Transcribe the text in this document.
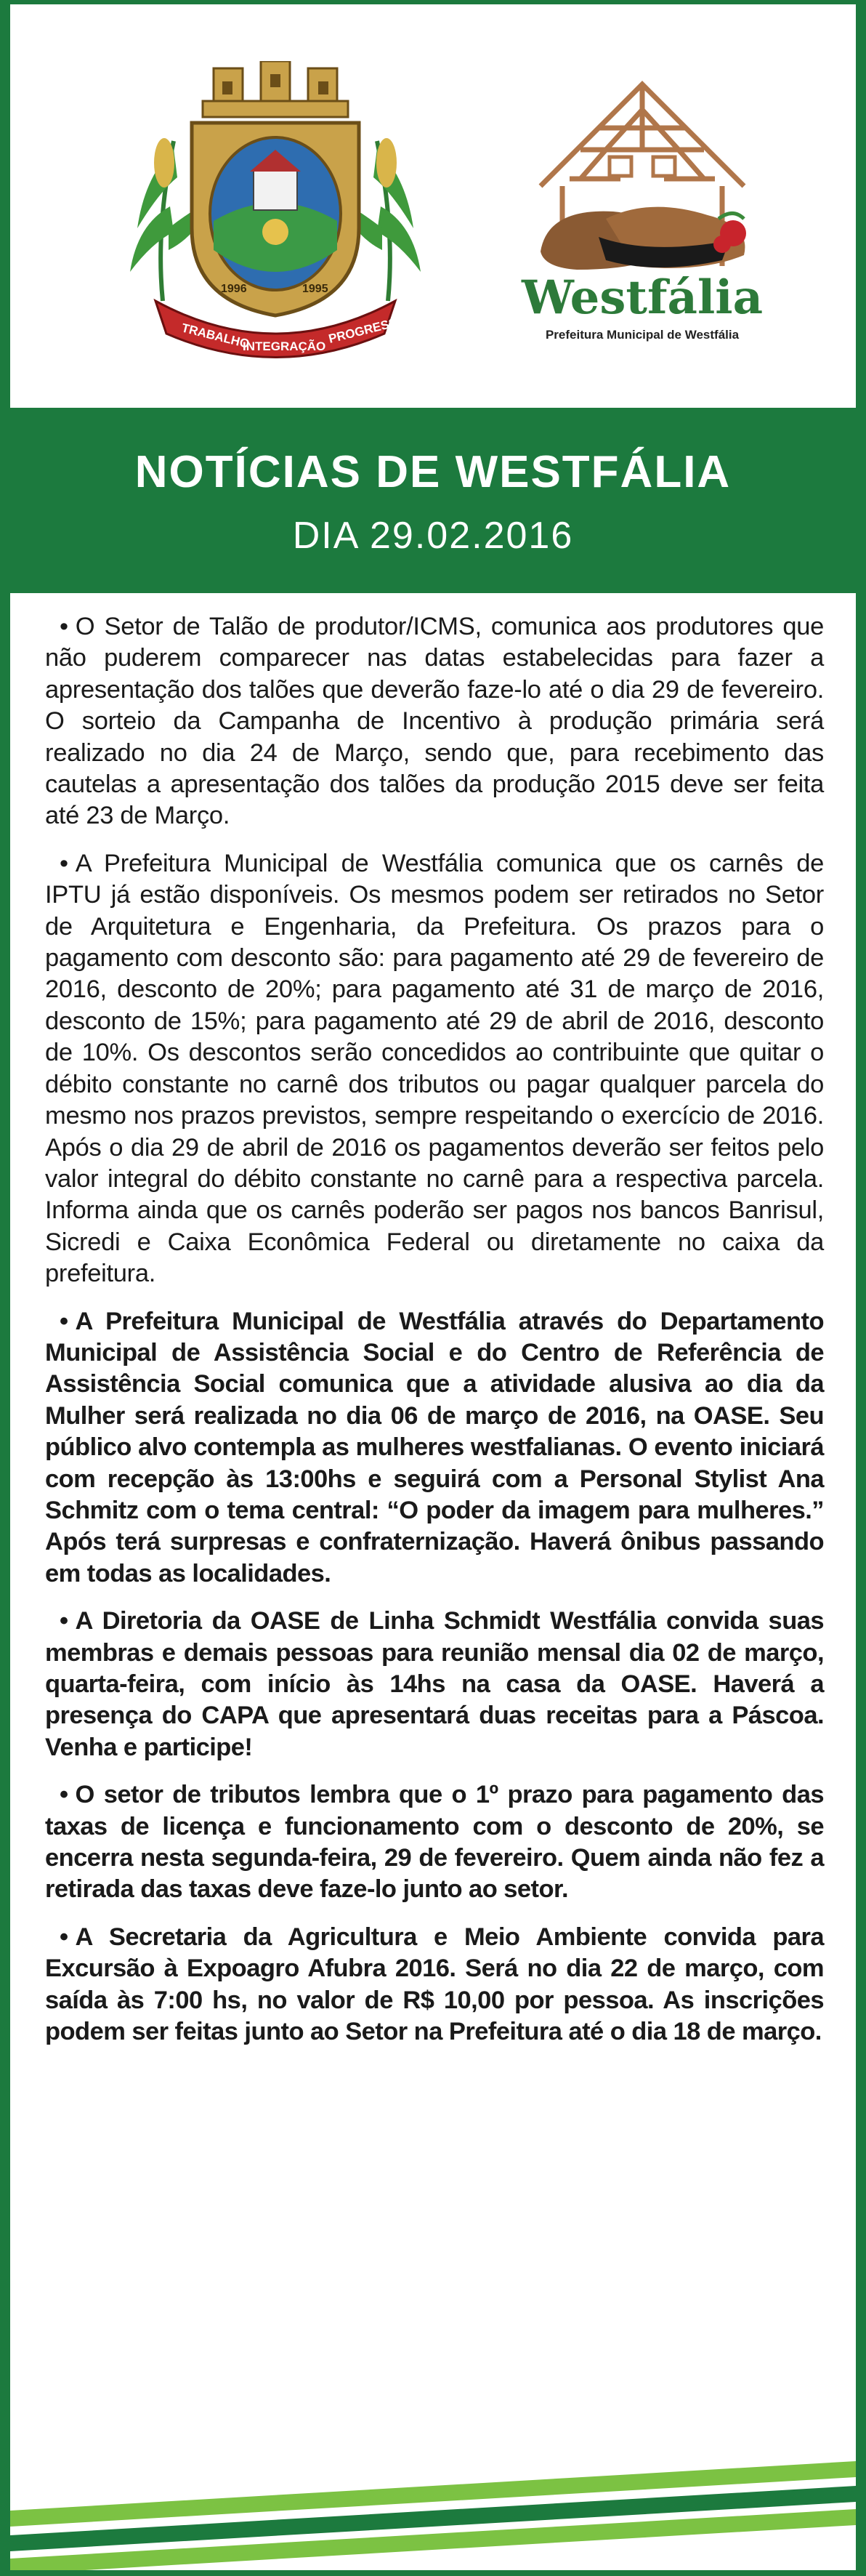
TRABALHO
INTEGRAÇÃO
PROGRESSO
1996	1995	Westfália
Prefeitura Municipal de Westfália
NOTÍCIAS DE WESTFÁLIA
DIA 29.02.2016

• O Setor de Talão de produtor/ICMS, comunica aos produtores que não puderem comparecer nas datas estabelecidas para fazer a apresentação dos talões que deverão faze-lo até o dia 29 de fevereiro. O sorteio da Campanha de Incentivo à produção primária será realizado no dia 24 de Março, sendo que, para recebimento das cautelas a apresentação dos talões da produção 2015 deve ser feita até 23 de Março.

• A Prefeitura Municipal de Westfália comunica que os carnês de IPTU já estão disponíveis. Os mesmos podem ser retirados no Setor de Arquitetura e Engenharia, da Prefeitura. Os prazos para o pagamento com desconto são: para pagamento até 29 de fevereiro de 2016, desconto de 20%; para pagamento até 31 de março de 2016, desconto de 15%; para pagamento até 29 de abril de 2016, desconto de 10%. Os descontos serão concedidos ao contribuinte que quitar o débito constante no carnê dos tributos ou pagar qualquer parcela do mesmo nos prazos previstos, sempre respeitando o exercício de 2016. Após o dia 29 de abril de 2016 os pagamentos deverão ser feitos pelo valor integral do débito constante no carnê para a respectiva parcela. Informa ainda que os carnês poderão ser pagos nos bancos Banrisul, Sicredi e Caixa Econômica Federal ou diretamente no caixa da prefeitura.

• A Prefeitura Municipal de Westfália através do Departamento Municipal de Assistência Social e do Centro de Referência de Assistência Social comunica que a atividade alusiva ao dia da Mulher será realizada no dia 06 de março de 2016, na OASE. Seu público alvo contempla as mulheres westfalianas. O evento iniciará com recepção às 13:00hs e seguirá com a Personal Stylist Ana Schmitz com o tema central: “O poder da imagem para mulheres.” Após terá surpresas e confraternização. Haverá ônibus passando em todas as localidades.

• A Diretoria da OASE de Linha Schmidt Westfália convida suas membras e demais pessoas para reunião mensal dia 02 de março, quarta-feira, com início às 14hs na casa da OASE. Haverá a presença do CAPA que apresentará duas receitas para a Páscoa. Venha e participe!

• O setor de tributos lembra que o 1º prazo para pagamento das taxas de licença e funcionamento com o desconto de 20%, se encerra nesta segunda-feira, 29 de fevereiro. Quem ainda não fez a retirada das taxas deve faze-lo junto ao setor.

• A Secretaria da Agricultura e Meio Ambiente convida para Excursão à Expoagro Afubra 2016. Será no dia 22 de março, com saída às 7:00 hs, no valor de R$ 10,00 por pessoa. As inscrições podem ser feitas junto ao Setor na Prefeitura até o dia 18 de março.
